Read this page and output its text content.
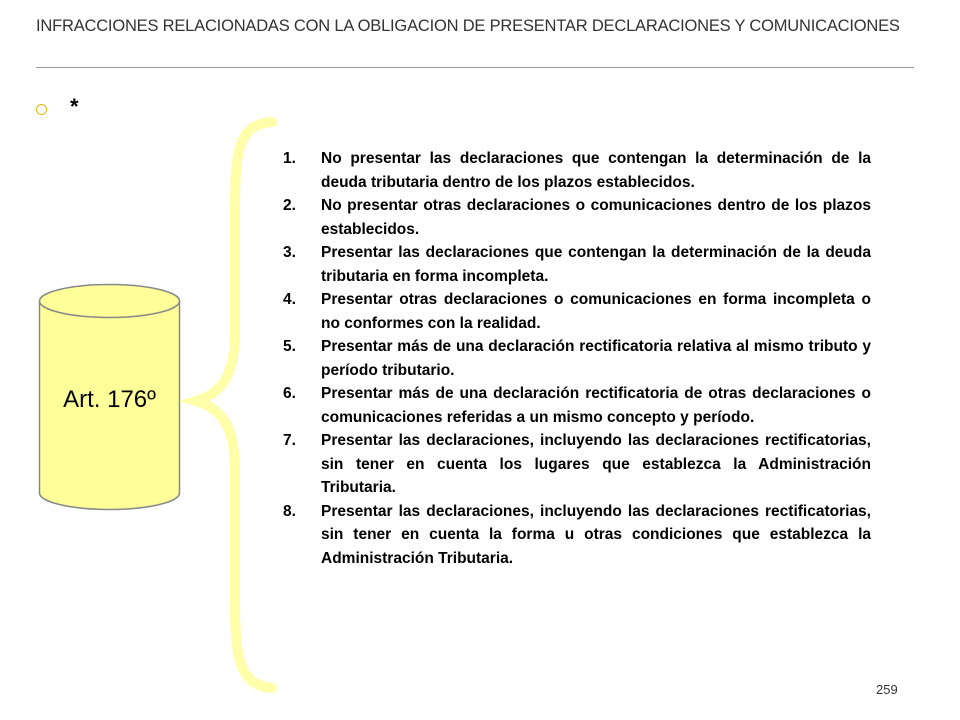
INFRACCIONES RELACIONADAS CON LA OBLIGACION DE PRESENTAR DECLARACIONES Y COMUNICACIONES
*
Art. 176º
1.	No presentar las declaraciones que contengan la determinación de la deuda tributaria dentro de los plazos establecidos.
2.	No presentar otras declaraciones o comunicaciones dentro de los plazos establecidos.
3.	Presentar las declaraciones que contengan la determinación de la deuda tributaria en forma incompleta.
4.	Presentar otras declaraciones o comunicaciones en forma incompleta o no conformes con la realidad.
5.	Presentar más de una declaración rectificatoria relativa al mismo tributo y período tributario.
6.	Presentar más de una declaración rectificatoria de otras declaraciones o comunicaciones referidas a un mismo concepto y período.
7.	Presentar las declaraciones, incluyendo las declaraciones rectificatorias, sin tener en cuenta los lugares que establezca la Administración Tributaria.
8.	Presentar las declaraciones, incluyendo las declaraciones rectificatorias, sin tener en cuenta la forma u otras condiciones que establezca la Administración Tributaria.
259
